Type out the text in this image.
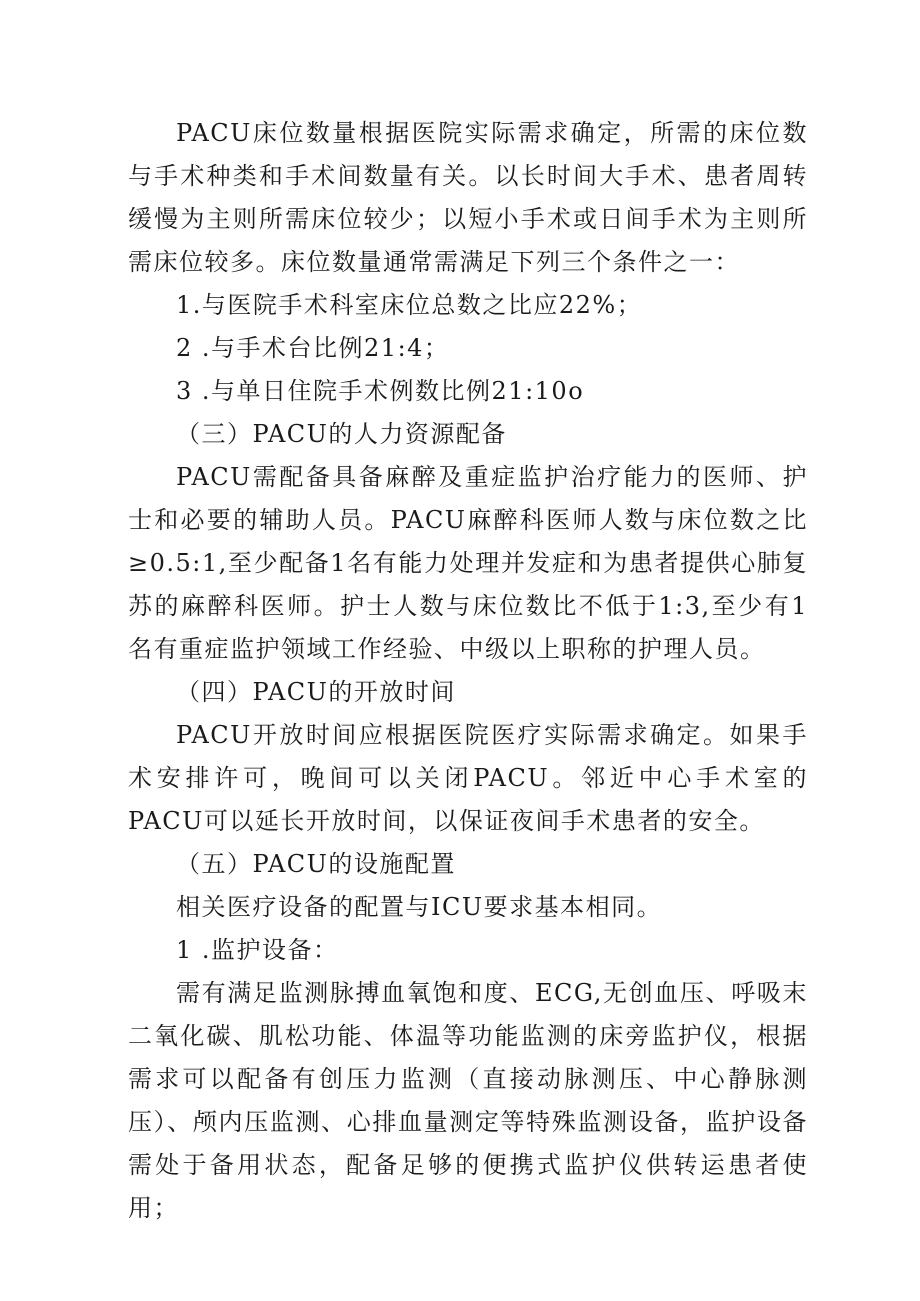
PACU床位数量根据医院实际需求确定，所需的床位数与手术种类和手术间数量有关。以长时间大手术、患者周转缓慢为主则所需床位较少；以短小手术或日间手术为主则所需床位较多。床位数量通常需满足下列三个条件之一：

1.与医院手术科室床位总数之比应22%；

2 .与手术台比例21:4；

3 .与单日住院手术例数比例21:10o

（三）PACU的人力资源配备

PACU需配备具备麻醉及重症监护治疗能力的医师、护士和必要的辅助人员。PACU麻醉科医师人数与床位数之比≥0.5:1,至少配备1名有能力处理并发症和为患者提供心肺复苏的麻醉科医师。护士人数与床位数比不低于1:3,至少有1名有重症监护领域工作经验、中级以上职称的护理人员。

（四）PACU的开放时间

PACU开放时间应根据医院医疗实际需求确定。如果手术安排许可，晚间可以关闭PACU。邻近中心手术室的PACU可以延长开放时间，以保证夜间手术患者的安全。

（五）PACU的设施配置

相关医疗设备的配置与ICU要求基本相同。

1 .监护设备：

需有满足监测脉搏血氧饱和度、ECG,无创血压、呼吸末二氧化碳、肌松功能、体温等功能监测的床旁监护仪，根据需求可以配备有创压力监测（直接动脉测压、中心静脉测压）、颅内压监测、心排血量测定等特殊监测设备，监护设备需处于备用状态，配备足够的便携式监护仪供转运患者使用；
